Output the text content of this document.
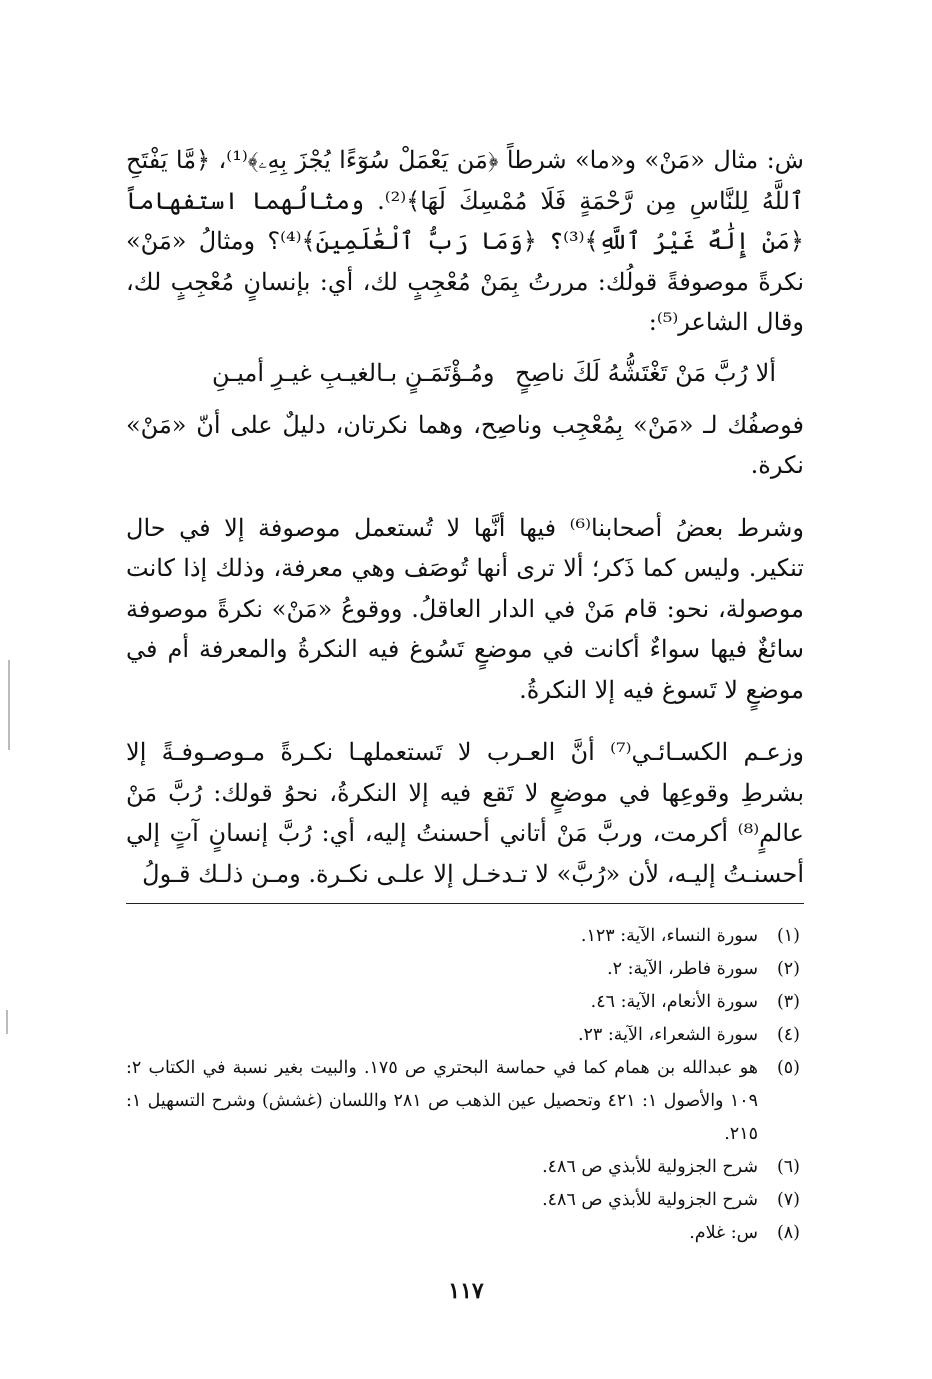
ش: مثال «مَنْ» و«ما» شرطاً ﴿مَن يَعْمَلْ سُوٓءًا يُجْزَ بِهِۦ﴾⁽¹⁾، ﴿مَّا يَفْتَحِ ٱللَّهُ لِلنَّاسِ مِن رَّحْمَةٍ فَلَا مُمْسِكَ لَهَا﴾⁽²⁾. ومثالُهما استفهاماً ﴿مَنْ إِلَٰهٌ غَيْرُ ٱللَّهِ﴾⁽³⁾؟ ﴿وَمَا رَبُّ ٱلْعَٰلَمِينَ﴾⁽⁴⁾؟ ومثالُ «مَنْ» نكرةً موصوفةً قولُك: مررتُ بِمَنْ مُعْجِبٍ لك، أي: بإنسانٍ مُعْجِبٍ لك، وقال الشاعر⁽⁵⁾:

ألا رُبَّ مَنْ تَغْتَشُّهُ لَكَ ناصِحٍ
ومُـؤْتَمَـنٍ بـالغيـبِ غيـرِ أميـنِ

فوصفُك لـ «مَنْ» بِمُعْجِب وناصِح، وهما نكرتان، دليلٌ على أنّ «مَنْ» نكرة.

وشرط بعضُ أصحابنا⁽⁶⁾ فيها أنَّها لا تُستعمل موصوفة إلا في حال تنكير. وليس كما ذَكر؛ ألا ترى أنها تُوصَف وهي معرفة، وذلك إذا كانت موصولة، نحو: قام مَنْ في الدار العاقلُ. ووقوعُ «مَنْ» نكرةً موصوفة سائغٌ فيها سواءٌ أكانت في موضعٍ تَسُوغ فيه النكرةُ والمعرفة أم في موضعٍ لا تَسوغ فيه إلا النكرةُ.

وزعـم الكسـائـي⁽⁷⁾ أنَّ العـرب لا تَستعملهـا نكـرةً مـوصـوفـةً إلا بشرطِ وقوعِها في موضعٍ لا تَقع فيه إلا النكرةُ، نحوُ قولك: رُبَّ مَنْ عالمٍ⁽⁸⁾ أكرمت، وربَّ مَنْ أتاني أحسنتُ إليه، أي: رُبَّ إنسانٍ آتٍ إلي أحسنـتُ إليـه، لأن «رُبَّ» لا تـدخـل إلا علـى نكـرة. ومـن ذلـك قـولُ

(١)
سورة النساء، الآية: ١٢٣.
(٢)
سورة فاطر، الآية: ٢.
(٣)
سورة الأنعام، الآية: ٤٦.
(٤)
سورة الشعراء، الآية: ٢٣.
(٥)
هو عبدالله بن همام كما في حماسة البحتري ص ١٧٥. والبيت بغير نسبة في الكتاب ٢: ١٠٩ والأصول ١: ٤٢١ وتحصيل عين الذهب ص ٢٨١ واللسان (غشش) وشرح التسهيل ١: ٢١٥.
(٦)
شرح الجزولية للأبذي ص ٤٨٦.
(٧)
شرح الجزولية للأبذي ص ٤٨٦.
(٨)
س: غلام.
١١٧
